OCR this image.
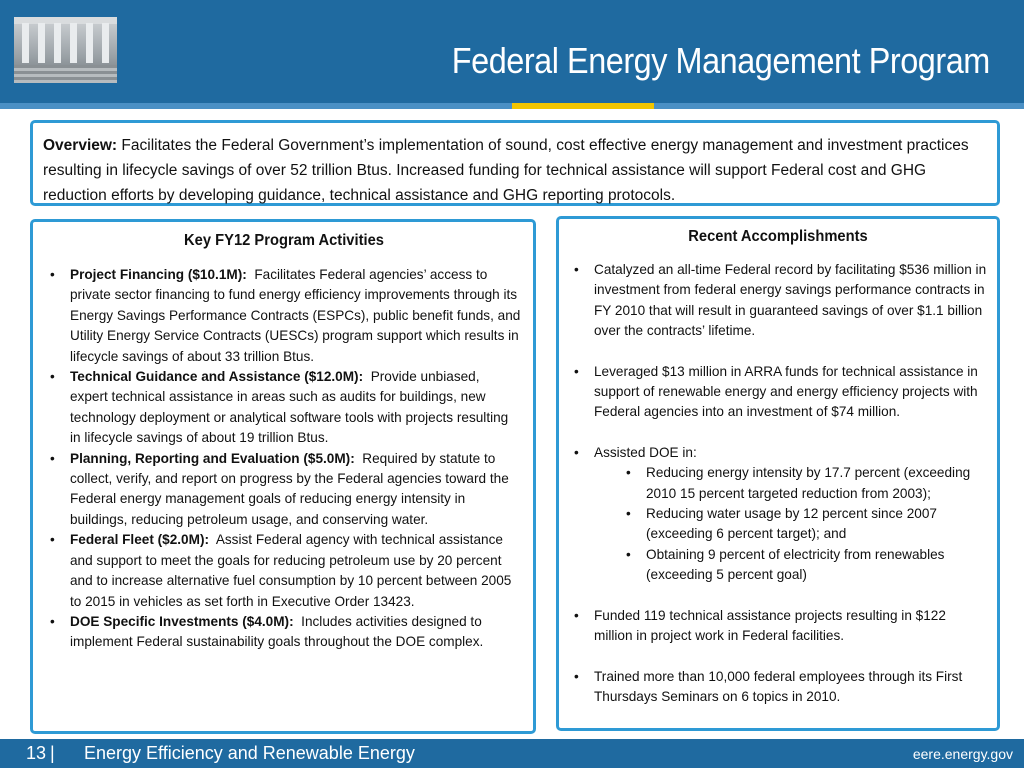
Federal Energy Management Program
Overview: Facilitates the Federal Government’s implementation of sound, cost effective energy management and investment practices resulting in lifecycle savings of over 52 trillion Btus. Increased funding for technical assistance will support Federal cost and GHG reduction efforts by developing guidance, technical assistance and GHG reporting protocols.
Key FY12 Program Activities
• Project Financing ($10.1M): Facilitates Federal agencies’ access to private sector financing to fund energy efficiency improvements through its Energy Savings Performance Contracts (ESPCs), public benefit funds, and Utility Energy Service Contracts (UESCs) program support which results in lifecycle savings of about 33 trillion Btus.
• Technical Guidance and Assistance ($12.0M): Provide unbiased, expert technical assistance in areas such as audits for buildings, new technology deployment or analytical software tools with projects resulting in lifecycle savings of about 19 trillion Btus.
• Planning, Reporting and Evaluation ($5.0M): Required by statute to collect, verify, and report on progress by the Federal agencies toward the Federal energy management goals of reducing energy intensity in buildings, reducing petroleum usage, and conserving water.
• Federal Fleet ($2.0M): Assist Federal agency with technical assistance and support to meet the goals for reducing petroleum use by 20 percent and to increase alternative fuel consumption by 10 percent between 2005 to 2015 in vehicles as set forth in Executive Order 13423.
• DOE Specific Investments ($4.0M): Includes activities designed to implement Federal sustainability goals throughout the DOE complex.
Recent Accomplishments
• Catalyzed an all-time Federal record by facilitating $536 million in investment from federal energy savings performance contracts in FY 2010 that will result in guaranteed savings of over $1.1 billion over the contracts’ lifetime.
• Leveraged $13 million in ARRA funds for technical assistance in support of renewable energy and energy efficiency projects with Federal agencies into an investment of $74 million.
• Assisted DOE in:
• Reducing energy intensity by 17.7 percent (exceeding 2010 15 percent targeted reduction from 2003);
• Reducing water usage by 12 percent since 2007 (exceeding 6 percent target); and
• Obtaining 9 percent of electricity from renewables (exceeding 5 percent goal)
• Funded 119 technical assistance projects resulting in $122 million in project work in Federal facilities.
• Trained more than 10,000 federal employees through its First Thursdays Seminars on 6 topics in 2010.
13 | Energy Efficiency and Renewable Energy	eere.energy.gov
